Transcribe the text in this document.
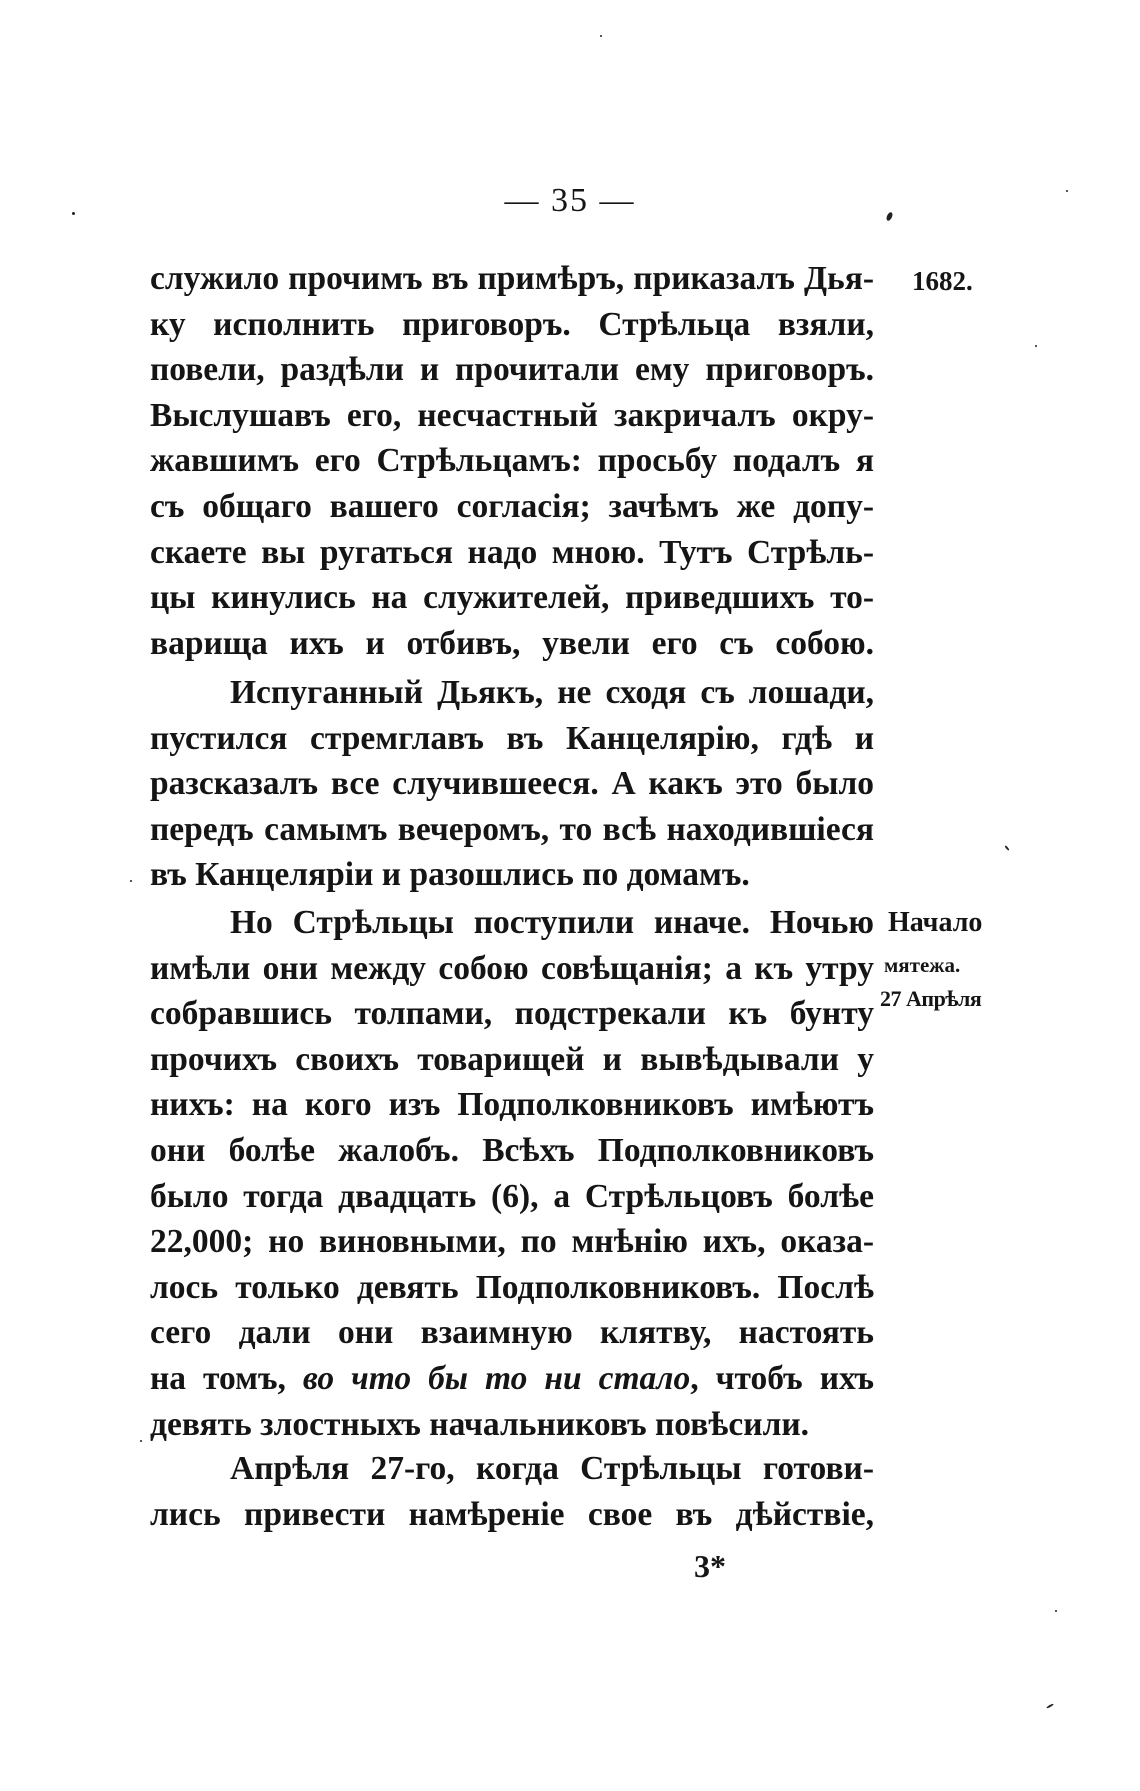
— 35 —
1682.
Начало
мятежа.
27 Апрѣля
служило прочимъ въ примѣръ, приказалъ Дья-
ку исполнить приговоръ. Стрѣльца взяли,
повели, раздѣли и прочитали ему приговоръ.
Выслушавъ его, несчастный закричалъ окру-
жавшимъ его Стрѣльцамъ: просьбу подалъ я
съ общаго вашего согласія; зачѣмъ же допу-
скаете вы ругаться надо мною. Тутъ Стрѣль-
цы кинулись на служителей, приведшихъ то-
варища ихъ и отбивъ, увели его съ собою.
Испуганный Дьякъ, не сходя съ лошади,
пустился стремглавъ въ Канцелярію, гдѣ и
разсказалъ все случившееся. А какъ это было
передъ самымъ вечеромъ, то всѣ находившіеся
въ Канцеляріи и разошлись по домамъ.
Но Стрѣльцы поступили иначе. Ночью
имѣли они между собою совѣщанія; а къ утру
собравшись толпами, подстрекали къ бунту
прочихъ своихъ товарищей и вывѣдывали у
нихъ: на кого изъ Подполковниковъ имѣютъ
они болѣе жалобъ. Всѣхъ Подполковниковъ
было тогда двадцать (6), а Стрѣльцовъ болѣе
22,000; но виновными, по мнѣнію ихъ, оказа-
лось только девять Подполковниковъ. Послѣ
сего дали они взаимную клятву, настоять
на томъ, во что бы то ни стало, чтобъ ихъ
девять злостныхъ начальниковъ повѣсили.
Апрѣля 27-го, когда Стрѣльцы готови-
лись привести намѣреніе свое въ дѣйствіе,
3*
